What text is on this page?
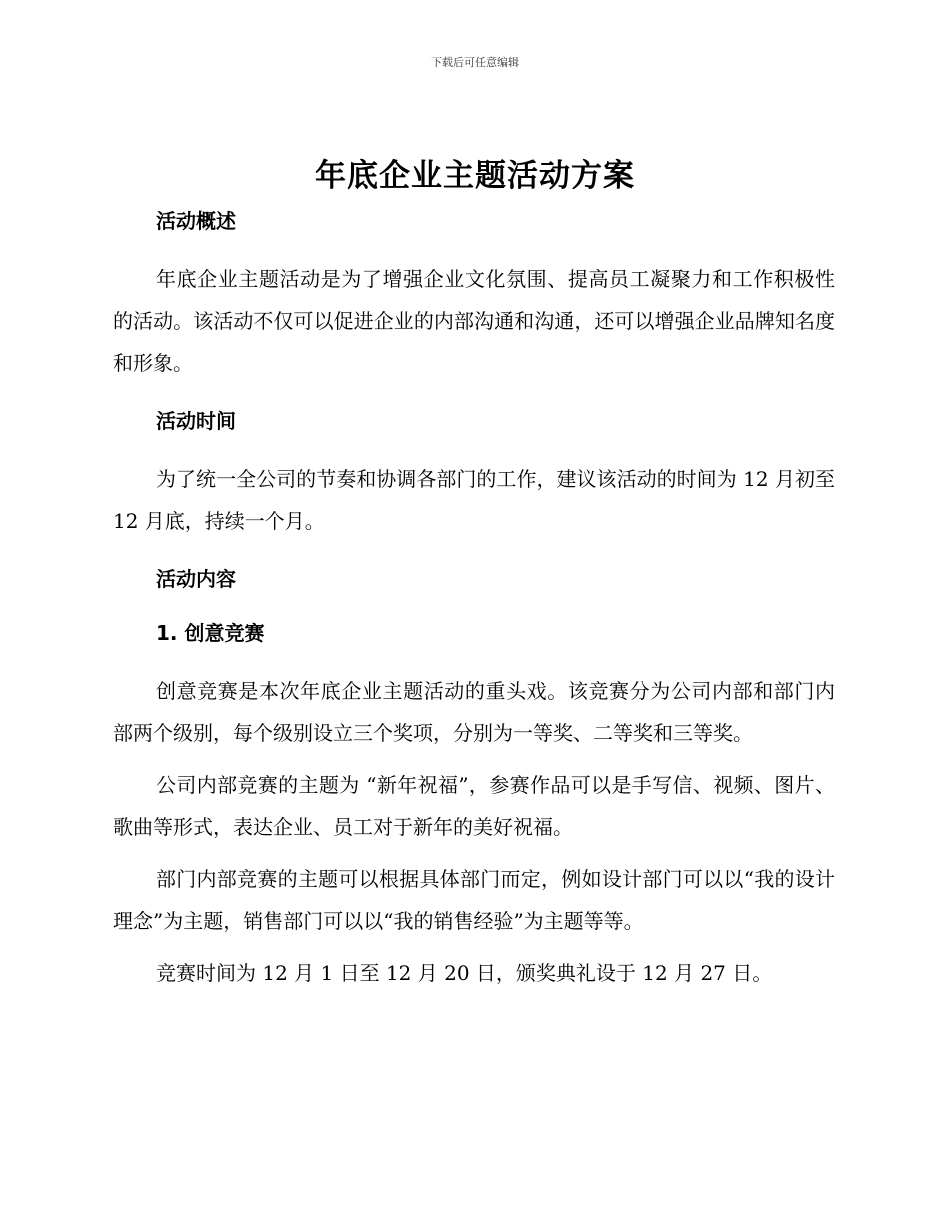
下载后可任意编辑
年底企业主题活动方案
活动概述

年底企业主题活动是为了增强企业文化氛围、提高员工凝聚力和工作积极性的活动。该活动不仅可以促进企业的内部沟通和沟通，还可以增强企业品牌知名度和形象。

活动时间

为了统一全公司的节奏和协调各部门的工作，建议该活动的时间为 12 月初至 12 月底，持续一个月。

活动内容
1. 创意竞赛

创意竞赛是本次年底企业主题活动的重头戏。该竞赛分为公司内部和部门内部两个级别，每个级别设立三个奖项，分别为一等奖、二等奖和三等奖。

公司内部竞赛的主题为 “新年祝福”，参赛作品可以是手写信、视频、图片、歌曲等形式，表达企业、员工对于新年的美好祝福。

部门内部竞赛的主题可以根据具体部门而定，例如设计部门可以以“我的设计理念”为主题，销售部门可以以“我的销售经验”为主题等等。

竞赛时间为 12 月 1 日至 12 月 20 日，颁奖典礼设于 12 月 27 日。
